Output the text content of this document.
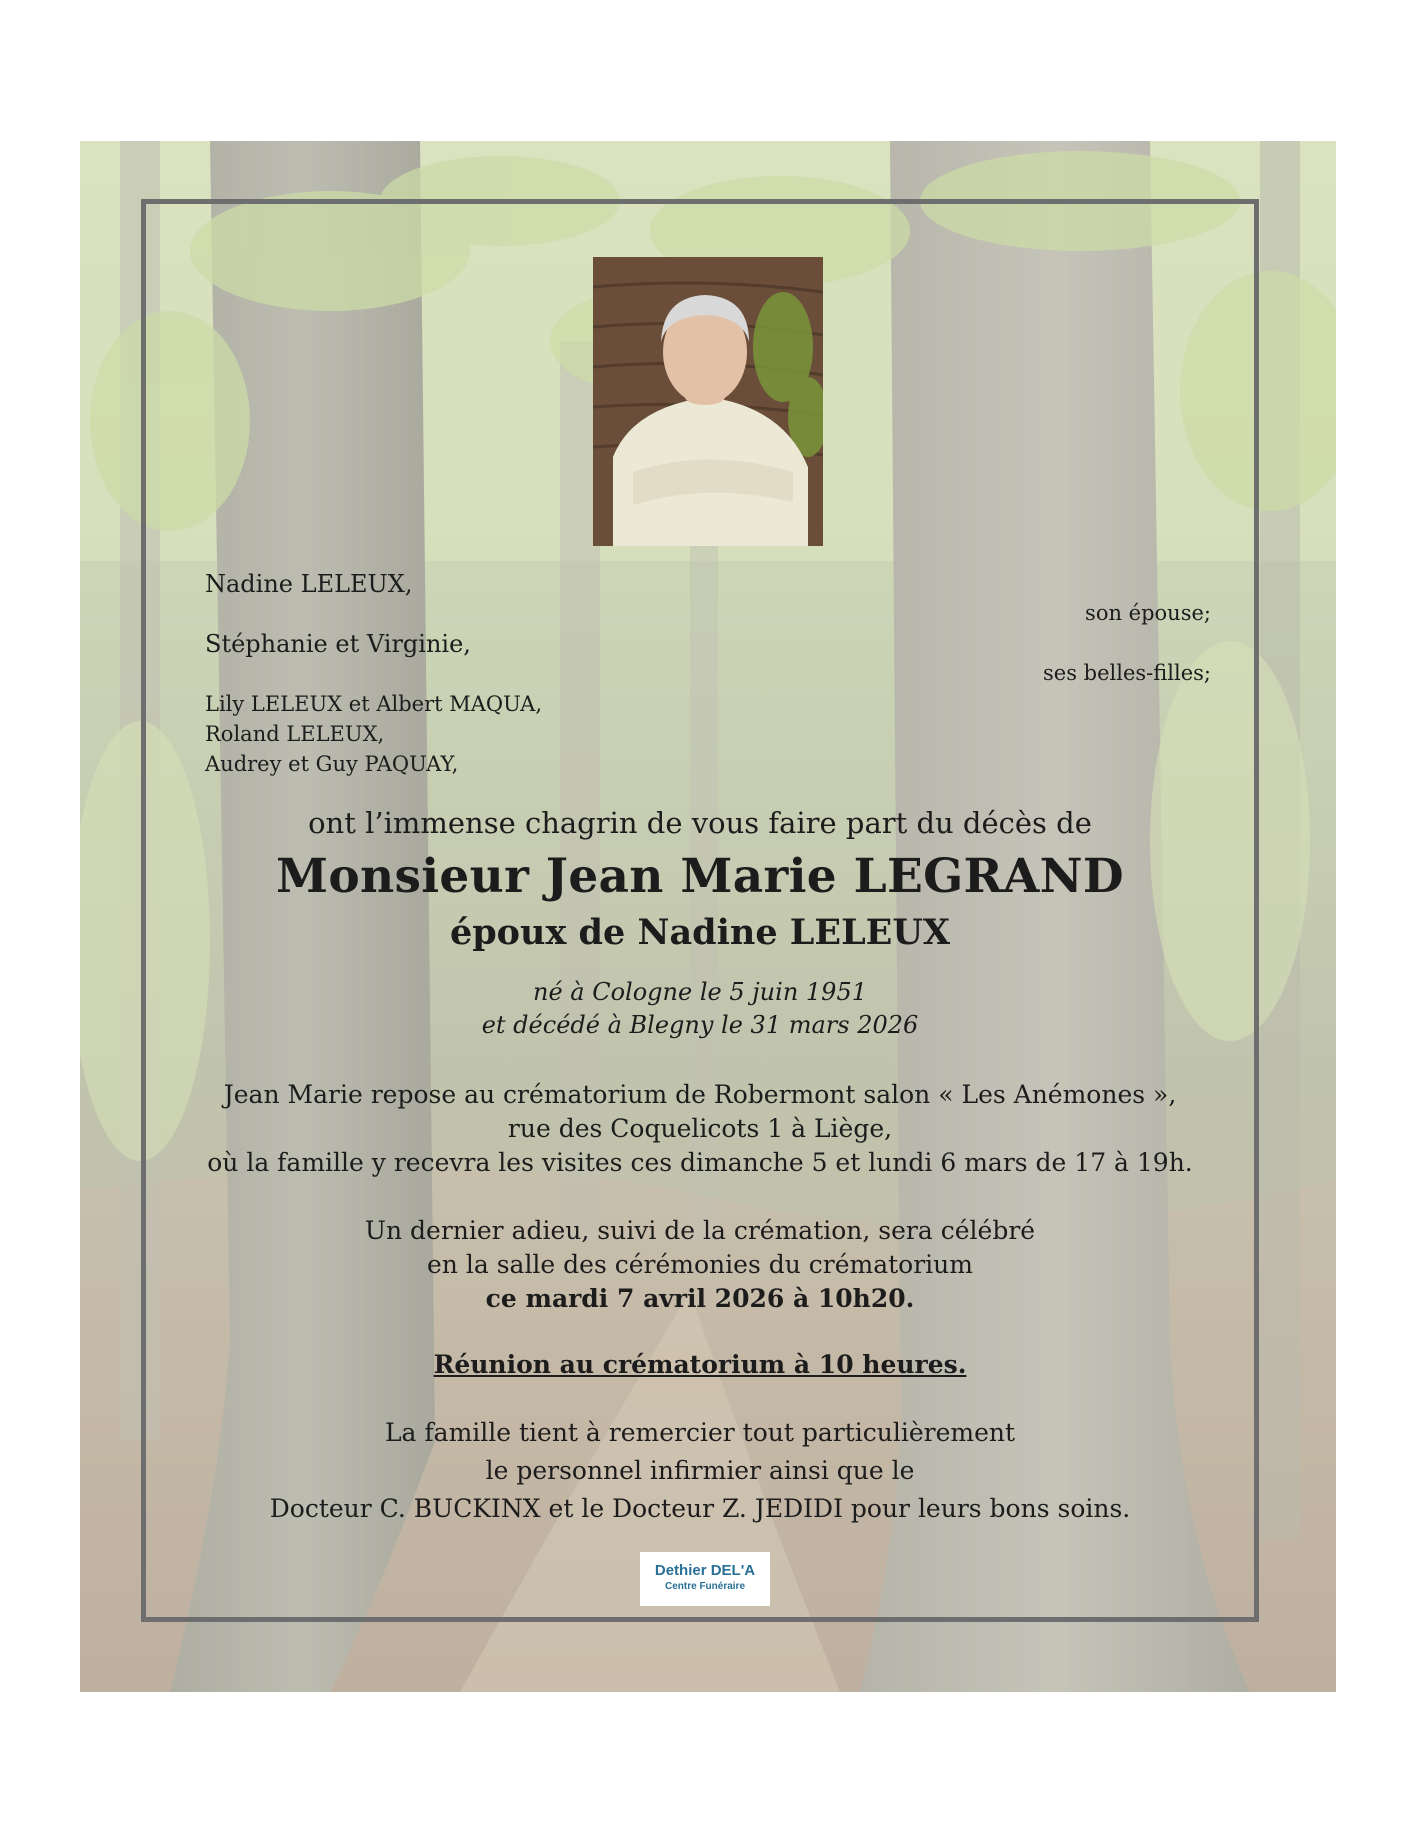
Nadine LELEUX,
son épouse;
Stéphanie et Virginie,
ses belles-filles;
Lily LELEUX et Albert MAQUA,
Roland LELEUX,
Audrey et Guy PAQUAY,
ont l’immense chagrin de vous faire part du décès de
Monsieur Jean Marie LEGRAND
époux de Nadine LELEUX
né à Cologne le 5 juin 1951
et décédé à Blegny le 31 mars 2026
Jean Marie repose au crématorium de Robermont salon « Les Anémones »,
rue des Coquelicots 1 à Liège,
où la famille y recevra les visites ces dimanche 5 et lundi 6 mars de 17 à 19h.
Un dernier adieu, suivi de la crémation, sera célébré
en la salle des cérémonies du crématorium
ce mardi 7 avril 2026 à 10h20.
Réunion au crématorium à 10 heures.
La famille tient à remercier tout particulièrement
le personnel infirmier ainsi que le
Docteur C. BUCKINX et le Docteur Z. JEDIDI pour leurs bons soins.
Dethier DEL'A
Centre Funéraire
